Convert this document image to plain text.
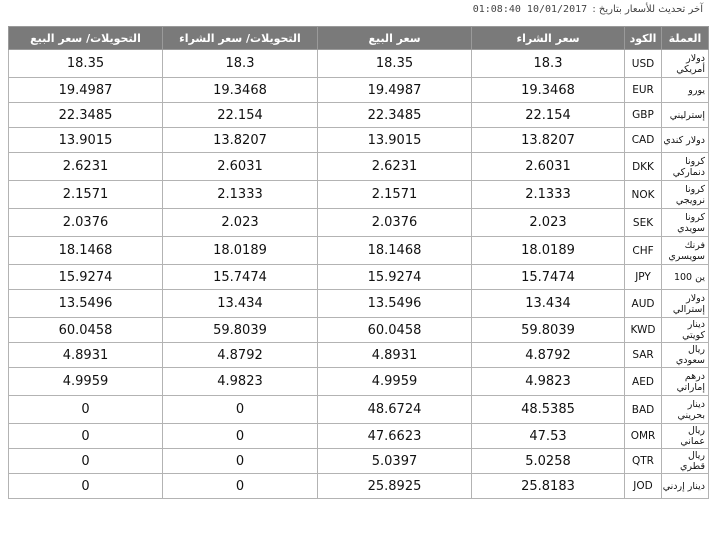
آخر تحديث للأسعار بتاريخ : 10/01/2017 01:08:40
العملة	الكود	سعر الشراء	سعر البيع	التحويلات/ سعر الشراء	التحويلات/ سعر البيع
دولار أمريكي	USD	18.3	18.35	18.3	18.35
يورو	EUR	19.3468	19.4987	19.3468	19.4987
إسترليني	GBP	22.154	22.3485	22.154	22.3485
دولار كندي	CAD	13.8207	13.9015	13.8207	13.9015
كرونا دنماركي	DKK	2.6031	2.6231	2.6031	2.6231
كرونا نرويجي	NOK	2.1333	2.1571	2.1333	2.1571
كرونا سويدي	SEK	2.023	2.0376	2.023	2.0376
فرنك سويسري	CHF	18.0189	18.1468	18.0189	18.1468
ين 100	JPY	15.7474	15.9274	15.7474	15.9274
دولار إسترالي	AUD	13.434	13.5496	13.434	13.5496
دينار كويتي	KWD	59.8039	60.0458	59.8039	60.0458
ريال سعودي	SAR	4.8792	4.8931	4.8792	4.8931
درهم إماراتي	AED	4.9823	4.9959	4.9823	4.9959
دينار بحريني	BAD	48.5385	48.6724	0	0
ريال عماني	OMR	47.53	47.6623	0	0
ريال قطري	QTR	5.0258	5.0397	0	0
دينار إردني	JOD	25.8183	25.8925	0	0
